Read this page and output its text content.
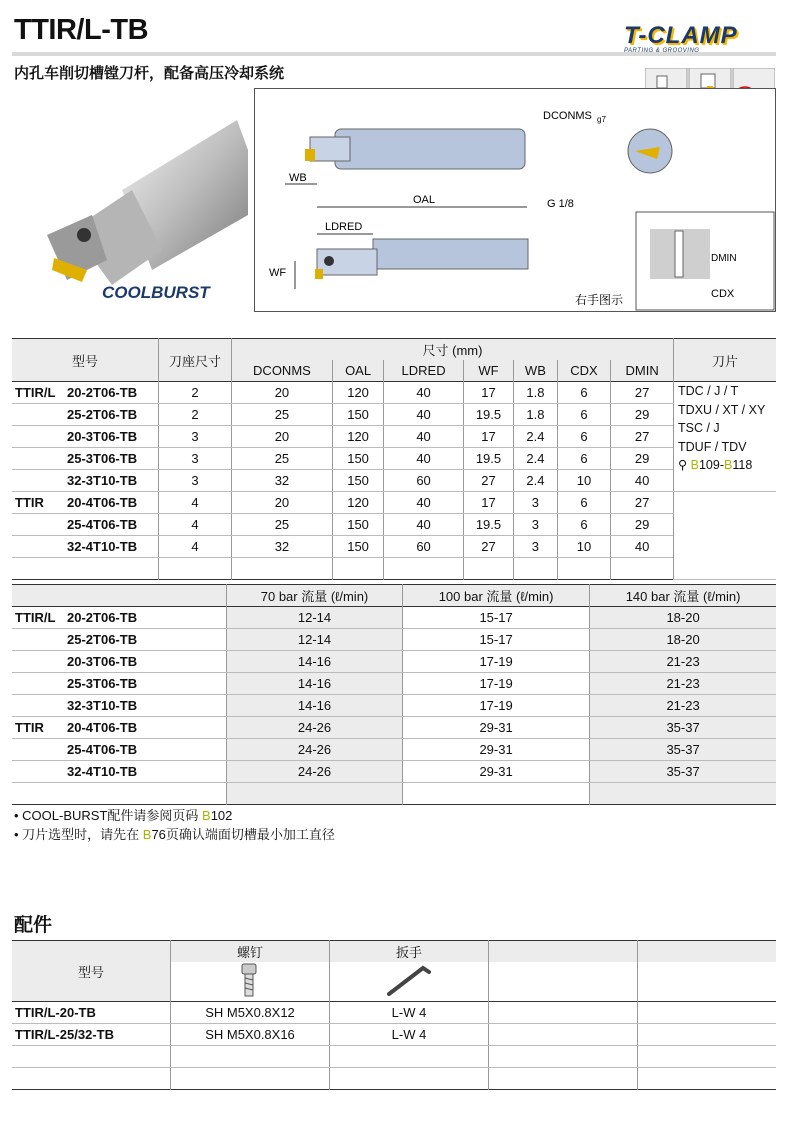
TTIR/L-TB
内孔车削切槽镗刀杆，配备高压冷却系统
T-CLAMP
PARTING & GROOVING
COOLBURST
WB
DCONMS g7
OAL	G 1/8
LDRED
WF
DMIN
CDX
右手图示
型号	刀座尺寸	尺寸 (mm)							刀片
		DCONMS	OAL	LDRED	WF	WB	CDX	DMIN	
TTIR/L 20-2T06-TB	2	20	120	40	17	1.8	6	27	TDC / J / T
TDXU / XT / XY
TSC / J
TDUF / TDV
⚲ B109-B118

25-2T06-TB	2	25	150	40	19.5	1.8	6	29	
20-3T06-TB	3	20	120	40	17	2.4	6	27	
25-3T06-TB	3	25	150	40	19.5	2.4	6	29	
32-3T10-TB	3	32	150	60	27	2.4	10	40	
TTIR 20-4T06-TB	4	20	120	40	17	3	6	27	
25-4T06-TB	4	25	150	40	19.5	3	6	29	
32-4T10-TB	4	32	150	60	27	3	10	40	

	70 bar 流量 (ℓ/min)	100 bar 流量 (ℓ/min)	140 bar 流量 (ℓ/min)
TTIR/L 20-2T06-TB	12-14	15-17	18-20
25-2T06-TB	12-14	15-17	18-20
20-3T06-TB	14-16	17-19	21-23
25-3T06-TB	14-16	17-19	21-23
32-3T10-TB	14-16	17-19	21-23
TTIR 20-4T06-TB	24-26	29-31	35-37
25-4T06-TB	24-26	29-31	35-37
32-4T10-TB	24-26	29-31	35-37

• COOL-BURST配件请参阅页码 B102
• 刀片选型时，请先在 B76页确认端面切槽最小加工直径
配件
型号	螺钉	扳手		

TTIR/L-20-TB	SH M5X0.8X12	L-W 4		
TTIR/L-25/32-TB	SH M5X0.8X16	L-W 4		
